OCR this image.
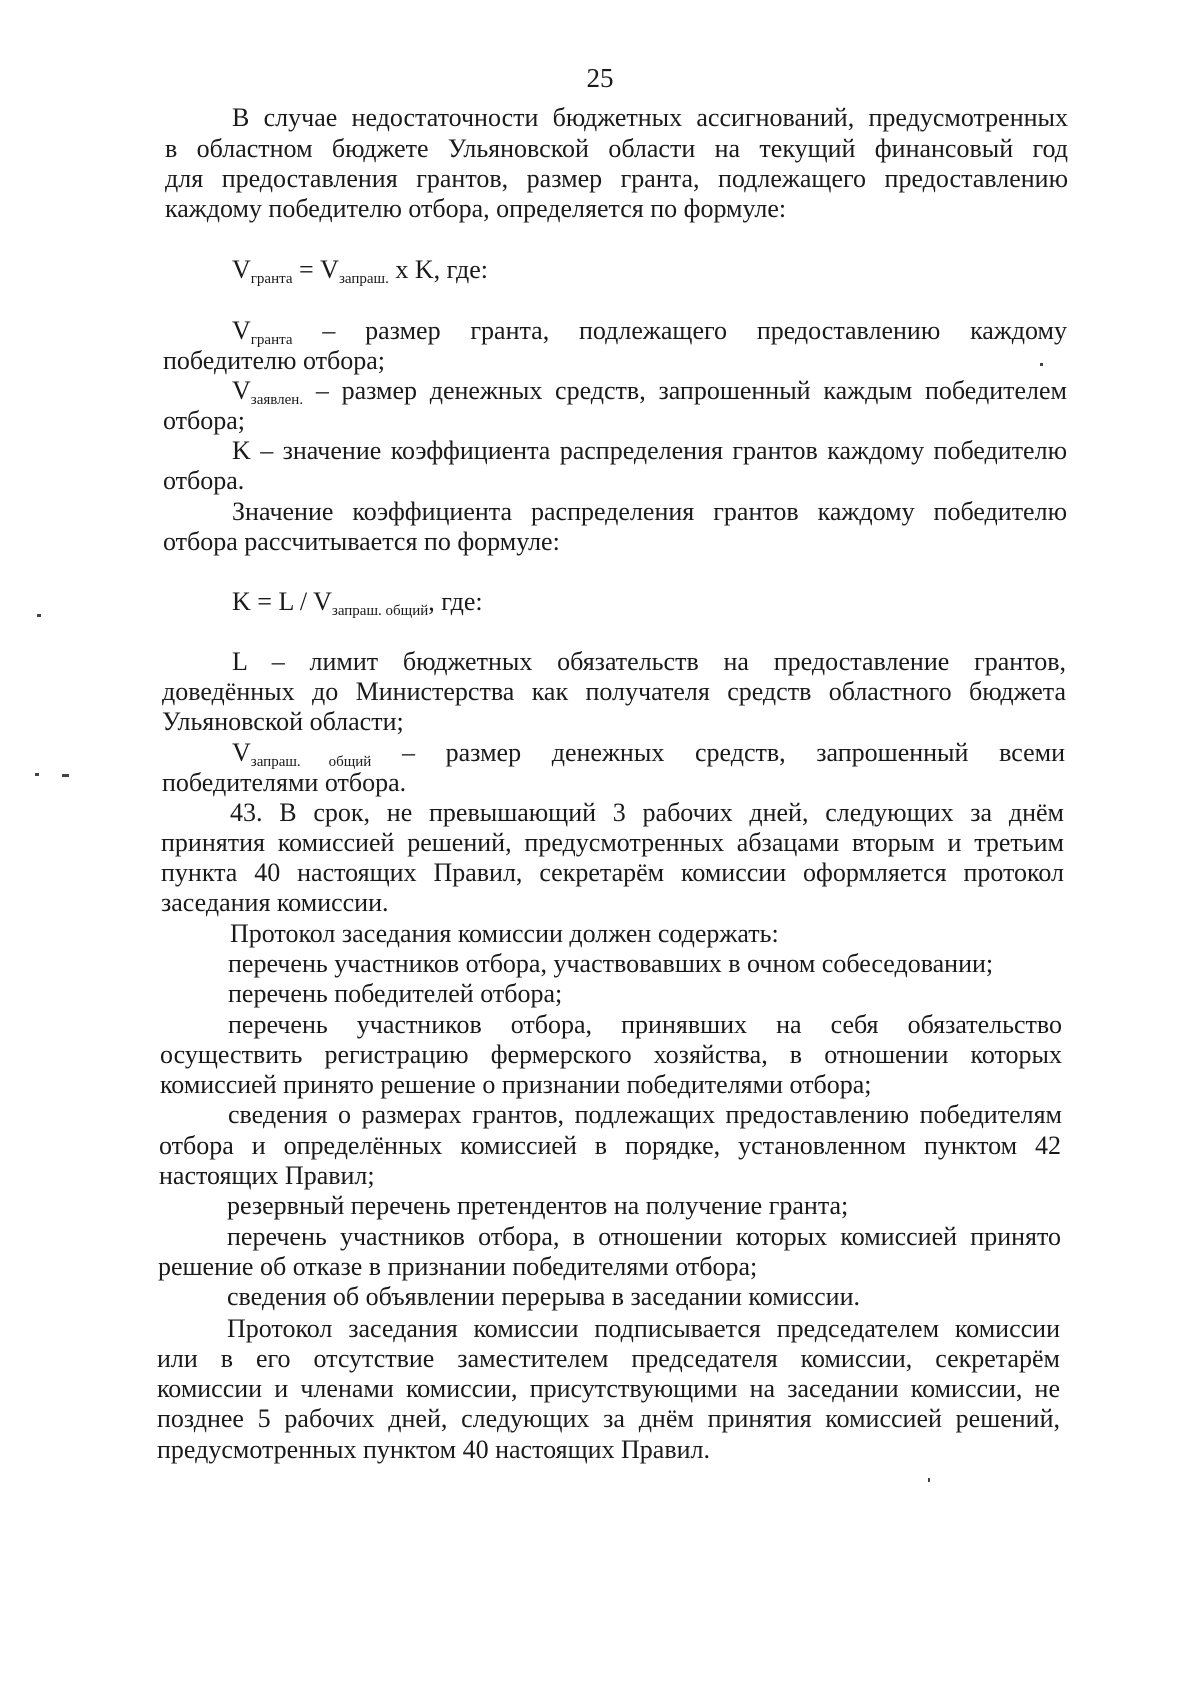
25
В случае недостаточности бюджетных ассигнований, предусмотренных
в областном бюджете Ульяновской области на текущий финансовый год
для предоставления грантов, размер гранта, подлежащего предоставлению
каждому победителю отбора, определяется по формуле:
$V_{гранта} = V_{запраш.}$ х K, где:
$V_{гранта}$ – размер гранта, подлежащего предоставлению каждому
победителю отбора;
$V_{заявлен.}$ – размер денежных средств, запрошенный каждым победителем
отбора;
K – значение коэффициента распределения грантов каждому победителю
отбора.
Значение коэффициента распределения грантов каждому победителю
отбора рассчитывается по формуле:
$K = L / V_{запраш. общий}$, где:
L – лимит бюджетных обязательств на предоставление грантов,
доведённых до Министерства как получателя средств областного бюджета
Ульяновской области;
$V_{запраш. общий}$ – размер денежных средств, запрошенный всеми
победителями отбора.
43. В срок, не превышающий 3 рабочих дней, следующих за днём
принятия комиссией решений, предусмотренных абзацами вторым и третьим
пункта 40 настоящих Правил, секретарём комиссии оформляется протокол
заседания комиссии.
Протокол заседания комиссии должен содержать:
перечень участников отбора, участвовавших в очном собеседовании;
перечень победителей отбора;
перечень участников отбора, принявших на себя обязательство
осуществить регистрацию фермерского хозяйства, в отношении которых
комиссией принято решение о признании победителями отбора;
сведения о размерах грантов, подлежащих предоставлению победителям
отбора и определённых комиссией в порядке, установленном пунктом 42
настоящих Правил;
резервный перечень претендентов на получение гранта;
перечень участников отбора, в отношении которых комиссией принято
решение об отказе в признании победителями отбора;
сведения об объявлении перерыва в заседании комиссии.
Протокол заседания комиссии подписывается председателем комиссии
или в его отсутствие заместителем председателя комиссии, секретарём
комиссии и членами комиссии, присутствующими на заседании комиссии, не
позднее 5 рабочих дней, следующих за днём принятия комиссией решений,
предусмотренных пунктом 40 настоящих Правил.
